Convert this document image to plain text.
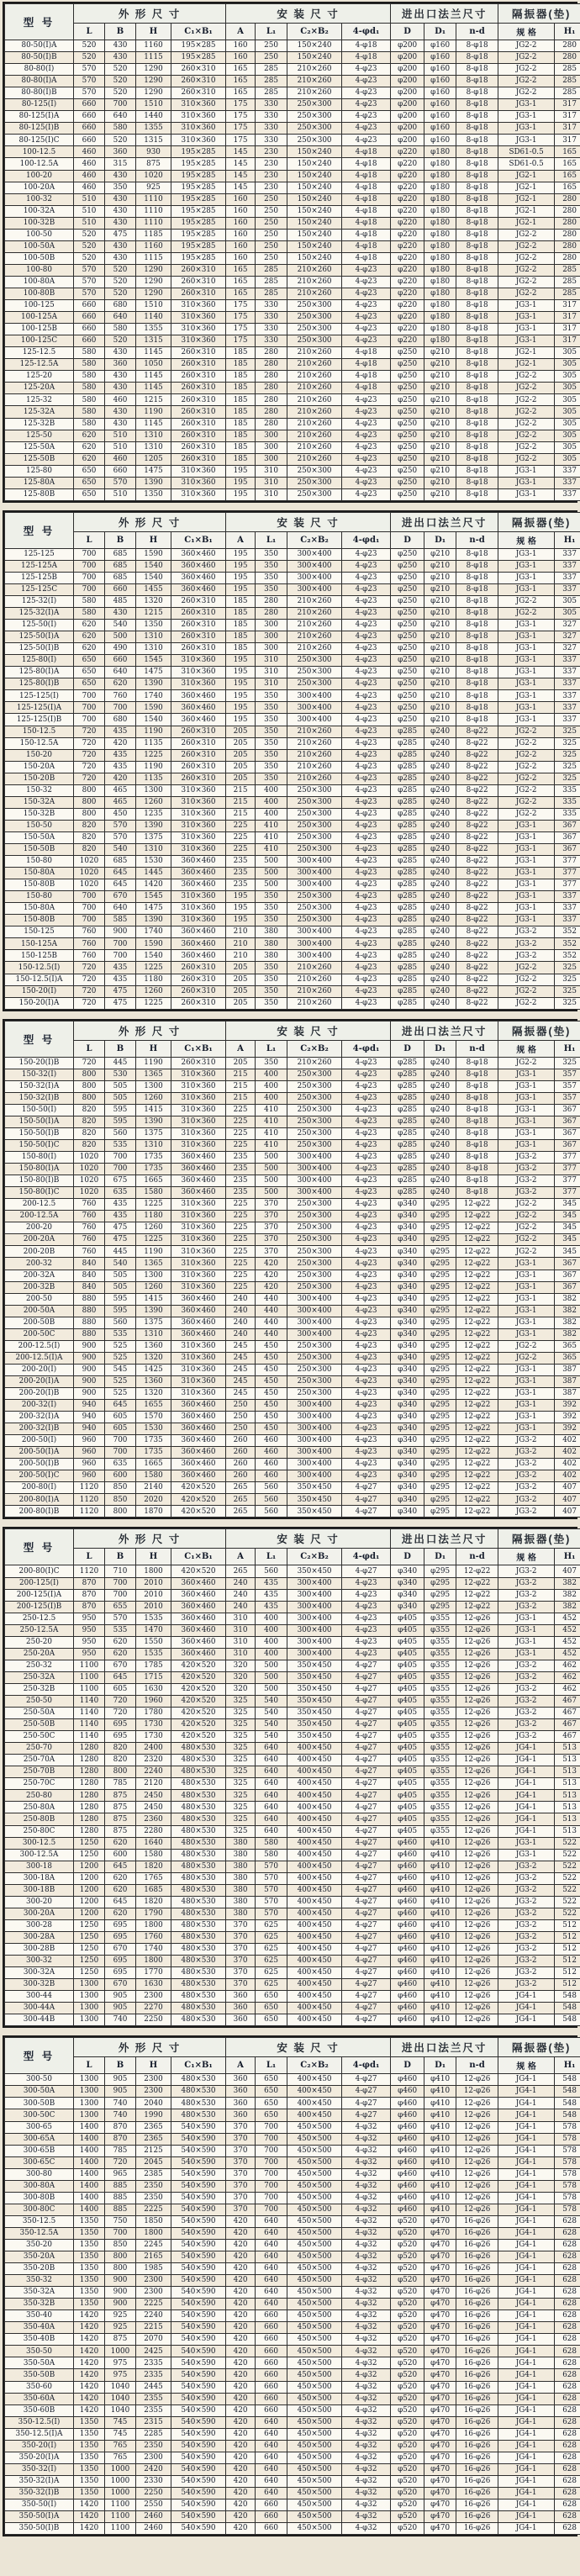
型 号	外 形 尺 寸				安 装 尺 寸				进出口法兰尺寸			隔振器(垫)	
	L	B	H	C₁×B₁	A	L₁	C₂×B₂	4-φd₁	D	D₁	n-d	规 格	H₁
80-50(I)A	520	430	1160	195×285	160	250	150×240	4-φ18	φ200	φ160	8-φ18	JG2-2	280
80-50(I)B	520	430	1115	195×285	160	250	150×240	4-φ18	φ200	φ160	8-φ18	JG2-2	280
80-80(I)	570	520	1290	260×310	165	285	210×260	4-φ23	φ200	φ160	8-φ18	JG2-2	285
80-80(I)A	570	520	1290	260×310	165	285	210×260	4-φ23	φ200	φ160	8-φ18	JG2-2	285
80-80(I)B	570	520	1290	260×310	165	285	210×260	4-φ23	φ200	φ160	8-φ18	JG2-2	285
80-125(I)	660	700	1510	310×360	175	330	250×300	4-φ23	φ200	φ160	8-φ18	JG3-1	317
80-125(I)A	660	640	1440	310×360	175	330	250×300	4-φ23	φ200	φ160	8-φ18	JG3-1	317
80-125(I)B	660	580	1355	310×360	175	330	250×300	4-φ23	φ200	φ160	8-φ18	JG3-1	317
80-125(I)C	660	520	1315	310×360	175	330	250×300	4-φ23	φ200	φ160	8-φ18	JG3-1	317
100-12.5	460	360	930	195×285	145	230	150×240	4-φ18	φ220	φ180	8-φ18	SD61-0.5	165
100-12.5A	460	315	875	195×285	145	230	150×240	4-φ18	φ220	φ180	8-φ18	SD61-0.5	165
100-20	460	430	1020	195×285	145	230	150×240	4-φ18	φ220	φ180	8-φ18	JG2-1	165
100-20A	460	350	925	195×285	145	230	150×240	4-φ18	φ220	φ180	8-φ18	JG2-1	165
100-32	510	430	1110	195×285	160	250	150×240	4-φ18	φ220	φ180	8-φ18	JG2-1	280
100-32A	510	430	1110	195×285	160	250	150×240	4-φ18	φ220	φ180	8-φ18	JG2-1	280
100-32B	510	430	1110	195×285	160	250	150×240	4-φ18	φ220	φ180	8-φ18	JG2-1	280
100-50	520	475	1185	195×285	160	250	150×240	4-φ18	φ220	φ180	8-φ18	JG2-2	280
100-50A	520	430	1160	195×285	160	250	150×240	4-φ18	φ220	φ180	8-φ18	JG2-2	280
100-50B	520	430	1115	195×285	160	250	150×240	4-φ18	φ220	φ180	8-φ18	JG2-2	280
100-80	570	520	1290	260×310	165	285	210×260	4-φ23	φ220	φ180	8-φ18	JG2-2	285
100-80A	570	520	1290	260×310	165	285	210×260	4-φ23	φ220	φ180	8-φ18	JG2-2	285
100-80B	570	520	1290	260×310	165	285	210×260	4-φ23	φ220	φ180	8-φ18	JG2-2	285
100-125	660	680	1510	310×360	175	330	250×300	4-φ23	φ220	φ180	8-φ18	JG3-1	317
100-125A	660	640	1140	310×360	175	330	250×300	4-φ23	φ220	φ180	8-φ18	JG3-1	317
100-125B	660	580	1355	310×360	175	330	250×300	4-φ23	φ220	φ180	8-φ18	JG3-1	317
100-125C	660	520	1315	310×360	175	330	250×300	4-φ23	φ220	φ180	8-φ18	JG3-1	317
125-12.5	580	430	1145	260×310	185	280	210×260	4-φ18	φ250	φ210	8-φ18	JG2-1	305
125-12.5A	580	360	1050	260×310	185	280	210×260	4-φ18	φ250	φ210	8-φ18	JG2-1	305
125-20	580	430	1145	260×310	185	280	210×260	4-φ18	φ250	φ210	8-φ18	JG2-2	305
125-20A	580	430	1145	260×310	185	280	210×260	4-φ18	φ250	φ210	8-φ18	JG2-2	305
125-32	580	460	1215	260×310	185	280	210×260	4-φ23	φ250	φ210	8-φ18	JG2-2	305
125-32A	580	430	1190	260×310	185	280	210×260	4-φ23	φ250	φ210	8-φ18	JG2-2	305
125-32B	580	430	1145	260×310	185	280	210×260	4-φ23	φ250	φ210	8-φ18	JG2-2	305
125-50	620	510	1310	260×310	185	300	210×260	4-φ23	φ250	φ210	8-φ18	JG2-2	305
125-50A	620	510	1310	260×310	185	300	210×260	4-φ23	φ250	φ210	8-φ18	JG2-2	305
125-50B	620	460	1205	260×310	185	300	210×260	4-φ23	φ250	φ210	8-φ18	JG2-2	305
125-80	650	660	1475	310×360	195	310	250×300	4-φ23	φ250	φ210	8-φ18	JG3-1	337
125-80A	650	570	1390	310×360	195	310	250×300	4-φ23	φ250	φ210	8-φ18	JG3-1	337
125-80B	650	510	1350	310×360	195	310	250×300	4-φ23	φ250	φ210	8-φ18	JG3-1	337
型 号	外 形 尺 寸				安 装 尺 寸				进出口法兰尺寸			隔振器(垫)	
	L	B	H	C₁×B₁	A	L₁	C₂×B₂	4-φd₁	D	D₁	n-d	规 格	H₁
125-125	700	685	1590	360×460	195	350	300×400	4-φ23	φ250	φ210	8-φ18	JG3-1	337
125-125A	700	685	1540	360×460	195	350	300×400	4-φ23	φ250	φ210	8-φ18	JG3-1	337
125-125B	700	685	1540	360×460	195	350	300×400	4-φ23	φ250	φ210	8-φ18	JG3-1	337
125-125C	700	660	1455	360×460	195	350	300×400	4-φ23	φ250	φ210	8-φ18	JG3-1	337
125-32(I)	580	485	1320	260×310	185	280	210×260	4-φ23	φ250	φ210	8-φ18	JG2-2	305
125-32(I)A	580	430	1215	260×310	185	280	210×260	4-φ23	φ250	φ210	8-φ18	JG2-2	305
125-50(I)	620	540	1350	260×310	185	300	210×260	4-φ23	φ250	φ210	8-φ18	JG3-1	327
125-50(I)A	620	500	1310	260×310	185	300	210×260	4-φ23	φ250	φ210	8-φ18	JG3-1	327
125-50(I)B	620	490	1310	260×310	185	300	210×260	4-φ23	φ250	φ210	8-φ18	JG3-1	327
125-80(I)	650	660	1545	310×360	195	310	250×300	4-φ23	φ250	φ210	8-φ18	JG3-1	337
125-80(I)A	650	640	1475	310×360	195	310	250×300	4-φ23	φ250	φ210	8-φ18	JG3-1	337
125-80(I)B	650	620	1390	310×360	195	310	250×300	4-φ23	φ250	φ210	8-φ18	JG3-1	337
125-125(I)	700	760	1740	360×460	195	350	300×400	4-φ23	φ250	φ210	8-φ18	JG3-1	337
125-125(I)A	700	700	1590	360×460	195	350	300×400	4-φ23	φ250	φ210	8-φ18	JG3-1	337
125-125(I)B	700	680	1540	360×460	195	350	300×400	4-φ23	φ250	φ210	8-φ18	JG3-1	337
150-12.5	720	435	1190	260×310	205	350	210×260	4-φ23	φ285	φ240	8-φ22	JG2-2	325
150-12.5A	720	420	1135	260×310	205	350	210×260	4-φ23	φ285	φ240	8-φ22	JG2-2	325
150-20	720	435	1225	260×310	205	350	210×260	4-φ23	φ285	φ240	8-φ22	JG2-2	325
150-20A	720	435	1190	260×310	205	350	210×260	4-φ23	φ285	φ240	8-φ22	JG2-2	325
150-20B	720	420	1135	260×310	205	350	210×260	4-φ23	φ285	φ240	8-φ22	JG2-2	325
150-32	800	465	1300	310×360	215	400	250×300	4-φ23	φ285	φ240	8-φ22	JG2-2	335
150-32A	800	465	1260	310×360	215	400	250×300	4-φ23	φ285	φ240	8-φ22	JG2-2	335
150-32B	800	450	1235	310×360	215	400	250×300	4-φ23	φ285	φ240	8-φ22	JG2-2	335
150-50	820	570	1390	310×360	225	410	250×300	4-φ23	φ285	φ240	8-φ22	JG3-1	367
150-50A	820	570	1375	310×360	225	410	250×300	4-φ23	φ285	φ240	8-φ22	JG3-1	367
150-50B	820	540	1310	310×360	225	410	250×300	4-φ23	φ285	φ240	8-φ22	JG3-1	367
150-80	1020	685	1530	360×460	235	500	300×400	4-φ23	φ285	φ240	8-φ22	JG3-1	377
150-80A	1020	645	1445	360×460	235	500	300×400	4-φ23	φ285	φ240	8-φ22	JG3-1	377
150-80B	1020	645	1420	360×460	235	500	300×400	4-φ23	φ285	φ240	8-φ22	JG3-1	377
150-80	700	670	1545	310×360	195	350	250×300	4-φ23	φ285	φ240	8-φ22	JG3-1	337
150-80A	700	640	1475	310×360	195	350	250×300	4-φ23	φ285	φ240	8-φ22	JG3-1	337
150-80B	700	585	1390	310×360	195	350	250×300	4-φ23	φ285	φ240	8-φ22	JG3-1	337
150-125	760	900	1740	360×460	210	380	300×400	4-φ23	φ285	φ240	8-φ22	JG3-2	352
150-125A	760	700	1590	360×460	210	380	300×400	4-φ23	φ285	φ240	8-φ22	JG3-2	352
150-125B	760	700	1540	360×460	210	380	300×400	4-φ23	φ285	φ240	8-φ22	JG3-2	352
150-12.5(I)	720	435	1225	260×310	205	350	210×260	4-φ23	φ285	φ240	8-φ22	JG2-2	325
150-12.5(I)A	720	435	1180	260×310	205	350	210×260	4-φ23	φ285	φ240	8-φ22	JG2-2	325
150-20(I)	720	475	1260	260×310	205	350	210×260	4-φ23	φ285	φ240	8-φ22	JG2-2	325
150-20(I)A	720	475	1225	260×310	205	350	210×260	4-φ23	φ285	φ240	8-φ22	JG2-2	325
型 号	外 形 尺 寸				安 装 尺 寸				进出口法兰尺寸			隔振器(垫)	
	L	B	H	C₁×B₁	A	L₁	C₂×B₂	4-φd₁	D	D₁	n-d	规 格	H₁
150-20(I)B	720	445	1190	260×310	205	350	210×260	4-φ23	φ285	φ240	8-φ18	JG2-2	325
150-32(I)	800	530	1365	310×360	215	400	250×300	4-φ23	φ285	φ240	8-φ18	JG3-1	357
150-32(I)A	800	505	1300	310×360	215	400	250×300	4-φ23	φ285	φ240	8-φ18	JG3-1	357
150-32(I)B	800	505	1260	310×360	215	400	250×300	4-φ23	φ285	φ240	8-φ18	JG3-1	357
150-50(I)	820	595	1415	310×360	225	410	250×300	4-φ23	φ285	φ240	8-φ18	JG3-1	367
150-50(I)A	820	595	1390	310×360	225	410	250×300	4-φ23	φ285	φ240	8-φ18	JG3-1	367
150-50(I)B	820	560	1375	310×360	225	410	250×300	4-φ23	φ285	φ240	8-φ18	JG3-1	367
150-50(I)C	820	535	1310	310×360	225	410	250×300	4-φ23	φ285	φ240	8-φ18	JG3-1	367
150-80(I)	1020	700	1735	360×460	235	500	300×400	4-φ23	φ285	φ240	8-φ18	JG3-2	377
150-80(I)A	1020	700	1735	360×460	235	500	300×400	4-φ23	φ285	φ240	8-φ18	JG3-2	377
150-80(I)B	1020	675	1665	360×460	235	500	300×400	4-φ23	φ285	φ240	8-φ18	JG3-2	377
150-80(I)C	1020	635	1580	360×460	235	500	300×400	4-φ23	φ285	φ240	8-φ18	JG3-2	377
200-12.5	760	435	1225	310×360	225	370	250×300	4-φ23	φ340	φ295	12-φ22	JG2-2	345
200-12.5A	760	435	1180	310×360	225	370	250×300	4-φ23	φ340	φ295	12-φ22	JG2-2	345
200-20	760	475	1260	310×360	225	370	250×300	4-φ23	φ340	φ295	12-φ22	JG2-2	345
200-20A	760	475	1225	310×360	225	370	250×300	4-φ23	φ340	φ295	12-φ22	JG2-2	345
200-20B	760	445	1190	310×360	225	370	250×300	4-φ23	φ340	φ295	12-φ22	JG2-2	345
200-32	840	540	1365	310×360	225	420	250×300	4-φ23	φ340	φ295	12-φ22	JG3-1	367
200-32A	840	505	1300	310×360	225	420	250×300	4-φ23	φ340	φ295	12-φ22	JG3-1	367
200-32B	840	505	1260	310×360	225	420	250×300	4-φ23	φ340	φ295	12-φ22	JG3-1	367
200-50	880	595	1415	360×460	240	440	300×400	4-φ23	φ340	φ295	12-φ22	JG3-1	382
200-50A	880	595	1390	360×460	240	440	300×400	4-φ23	φ340	φ295	12-φ22	JG3-1	382
200-50B	880	560	1375	360×460	240	440	300×400	4-φ23	φ340	φ295	12-φ22	JG3-1	382
200-50C	880	535	1310	360×460	240	440	300×400	4-φ23	φ340	φ295	12-φ22	JG3-1	382
200-12.5(I)	900	525	1360	310×360	245	450	250×300	4-φ23	φ340	φ295	12-φ22	JG2-2	365
200-12.5(I)A	900	525	1320	310×360	245	450	250×300	4-φ23	φ340	φ295	12-φ22	JG2-2	365
200-20(I)	900	545	1425	310×360	245	450	250×300	4-φ23	φ340	φ295	12-φ22	JG3-1	387
200-20(I)A	900	525	1360	310×360	245	450	250×300	4-φ23	φ340	φ295	12-φ22	JG3-1	387
200-20(I)B	900	525	1320	310×360	245	450	250×300	4-φ23	φ340	φ295	12-φ22	JG3-1	387
200-32(I)	940	645	1655	360×460	250	450	300×400	4-φ23	φ340	φ295	12-φ22	JG3-1	392
200-32(I)A	940	605	1570	360×460	250	450	300×400	4-φ23	φ340	φ295	12-φ22	JG3-1	392
200-32(I)B	940	605	1530	360×460	250	450	300×400	4-φ23	φ340	φ295	12-φ22	JG3-1	392
200-50(I)	960	700	1735	360×460	260	460	300×400	4-φ23	φ340	φ295	12-φ22	JG3-2	402
200-50(I)A	960	700	1735	360×460	260	460	300×400	4-φ23	φ340	φ295	12-φ22	JG3-2	402
200-50(I)B	960	635	1665	360×460	260	460	300×400	4-φ23	φ340	φ295	12-φ22	JG3-2	402
200-50(I)C	960	600	1580	360×460	260	460	300×400	4-φ23	φ340	φ295	12-φ22	JG3-2	402
200-80(I)	1120	850	2140	420×520	265	560	350×450	4-φ27	φ340	φ295	12-φ22	JG3-2	407
200-80(I)A	1120	850	2020	420×520	265	560	350×450	4-φ27	φ340	φ295	12-φ22	JG3-2	407
200-80(I)B	1120	800	1870	420×520	265	560	350×450	4-φ27	φ340	φ295	12-φ22	JG3-2	407
型 号	外 形 尺 寸				安 装 尺 寸				进出口法兰尺寸			隔振器(垫)	
	L	B	H	C₁×B₁	A	L₁	C₂×B₂	4-φd₁	D	D₁	n-d	规 格	H₁
200-80(I)C	1120	710	1800	420×520	265	560	350×450	4-φ27	φ340	φ295	12-φ22	JG3-2	407
200-125(I)	870	700	2010	360×460	240	435	300×400	4-φ23	φ340	φ295	12-φ22	JG3-2	382
200-125(I)A	870	700	2010	360×460	240	435	300×400	4-φ23	φ340	φ295	12-φ22	JG3-2	382
200-125(I)B	870	655	2010	360×460	240	435	300×400	4-φ23	φ340	φ295	12-φ22	JG3-2	382
250-12.5	950	570	1535	360×460	310	400	300×400	4-φ23	φ405	φ355	12-φ26	JG3-1	452
250-12.5A	950	535	1470	360×460	310	400	300×400	4-φ23	φ405	φ355	12-φ26	JG3-1	452
250-20	950	620	1550	360×460	310	400	300×400	4-φ23	φ405	φ355	12-φ26	JG3-1	452
250-20A	950	620	1535	360×460	310	400	300×400	4-φ23	φ405	φ355	12-φ26	JG3-1	452
250-32	1100	670	1785	420×520	320	500	350×450	4-φ27	φ405	φ355	12-φ26	JG3-2	462
250-32A	1100	645	1715	420×520	320	500	350×450	4-φ27	φ405	φ355	12-φ26	JG3-2	462
250-32B	1100	605	1630	420×520	320	500	350×450	4-φ27	φ405	φ355	12-φ26	JG3-2	462
250-50	1140	720	1960	420×520	325	540	350×450	4-φ27	φ405	φ355	12-φ26	JG3-2	467
250-50A	1140	720	1780	420×520	325	540	350×450	4-φ27	φ405	φ355	12-φ26	JG3-2	467
250-50B	1140	695	1730	420×520	325	540	350×450	4-φ27	φ405	φ355	12-φ26	JG3-2	467
250-50C	1140	695	1730	420×520	325	540	350×450	4-φ27	φ405	φ355	12-φ26	JG3-2	467
250-70	1280	820	2400	480×530	325	640	400×450	4-φ27	φ405	φ355	12-φ26	JG4-1	513
250-70A	1280	820	2320	480×530	325	640	400×450	4-φ27	φ405	φ355	12-φ26	JG4-1	513
250-70B	1280	800	2240	480×530	325	640	400×450	4-φ27	φ405	φ355	12-φ26	JG4-1	513
250-70C	1280	785	2120	480×530	325	640	400×450	4-φ27	φ405	φ355	12-φ26	JG4-1	513
250-80	1280	875	2450	480×530	325	640	400×450	4-φ27	φ405	φ355	12-φ26	JG4-1	513
250-80A	1280	875	2450	480×530	325	640	400×450	4-φ27	φ405	φ355	12-φ26	JG4-1	513
250-80B	1280	875	2360	480×530	325	640	400×450	4-φ27	φ405	φ355	12-φ26	JG4-1	513
250-80C	1280	875	2280	480×530	325	640	400×450	4-φ27	φ405	φ355	12-φ26	JG4-1	513
300-12.5	1250	620	1640	480×530	380	580	400×450	4-φ27	φ460	φ410	12-φ26	JG3-1	522
300-12.5A	1250	600	1580	480×530	380	580	400×450	4-φ27	φ460	φ410	12-φ26	JG3-1	522
300-18	1200	645	1820	480×530	380	570	400×450	4-φ27	φ460	φ410	12-φ26	JG3-2	522
300-18A	1200	620	1765	480×530	380	570	400×450	4-φ27	φ460	φ410	12-φ26	JG3-2	522
300-18B	1200	620	1685	480×530	380	570	400×450	4-φ27	φ460	φ410	12-φ26	JG3-2	522
300-20	1200	645	1820	480×530	380	570	400×450	4-φ27	φ460	φ410	12-φ26	JG3-2	522
300-20A	1200	620	1790	480×530	380	570	400×450	4-φ27	φ460	φ410	12-φ26	JG3-2	522
300-28	1250	695	1800	480×530	370	625	400×450	4-φ27	φ460	φ410	12-φ26	JG3-2	512
300-28A	1250	695	1760	480×530	370	625	400×450	4-φ27	φ460	φ410	12-φ26	JG3-2	512
300-28B	1250	670	1740	480×530	370	625	400×450	4-φ27	φ460	φ410	12-φ26	JG3-2	512
300-32	1250	695	1800	480×530	370	625	400×450	4-φ27	φ460	φ410	12-φ26	JG3-2	512
300-32A	1250	695	1770	480×530	370	625	400×450	4-φ27	φ460	φ410	12-φ26	JG3-2	512
300-32B	1300	670	1630	480×530	370	625	400×450	4-φ27	φ460	φ410	12-φ26	JG3-2	512
300-44	1300	905	2300	480×530	360	650	400×450	4-φ27	φ460	φ410	12-φ26	JG4-1	548
300-44A	1300	905	2270	480×530	360	650	400×450	4-φ27	φ460	φ410	12-φ26	JG4-1	548
300-44B	1300	740	2250	480×530	360	650	400×450	4-φ27	φ460	φ410	12-φ26	JG4-1	548
型 号	外 形 尺 寸				安 装 尺 寸				进出口法兰尺寸			隔振器(垫)	
	L	B	H	C₁×B₁	A	L₁	C₂×B₂	4-φd₁	D	D₁	n-d	规 格	H₁
300-50	1300	905	2300	480×530	360	650	400×450	4-φ27	φ460	φ410	12-φ26	JG4-1	548
300-50A	1300	905	2300	480×530	360	650	400×450	4-φ27	φ460	φ410	12-φ26	JG4-1	548
300-50B	1300	740	2040	480×530	360	650	400×450	4-φ27	φ460	φ410	12-φ26	JG4-1	548
300-50C	1300	740	1990	480×530	360	650	400×450	4-φ27	φ460	φ410	12-φ26	JG4-1	548
300-65	1400	870	2365	540×590	370	700	450×500	4-φ32	φ460	φ410	12-φ26	JG4-1	578
300-65A	1400	870	2365	540×590	370	700	450×500	4-φ32	φ460	φ410	12-φ26	JG4-1	578
300-65B	1400	785	2125	540×590	370	700	450×500	4-φ32	φ460	φ410	12-φ26	JG4-1	578
300-65C	1400	720	2045	540×590	370	700	450×500	4-φ32	φ460	φ410	12-φ26	JG4-1	578
300-80	1400	965	2385	540×590	370	700	450×500	4-φ32	φ460	φ410	12-φ26	JG4-1	578
300-80A	1400	885	2350	540×590	370	700	450×500	4-φ32	φ460	φ410	12-φ26	JG4-1	578
300-80B	1400	885	2350	540×590	370	700	450×500	4-φ32	φ460	φ410	12-φ26	JG4-1	578
300-80C	1400	885	2225	540×590	370	700	450×500	4-φ32	φ460	φ410	12-φ26	JG4-1	578
350-12.5	1350	750	1850	540×590	420	640	450×500	4-φ32	φ520	φ470	16-φ26	JG4-1	628
350-12.5A	1350	700	1800	540×590	420	640	450×500	4-φ32	φ520	φ470	16-φ26	JG4-1	628
350-20	1350	850	2245	540×590	420	640	450×500	4-φ32	φ520	φ470	16-φ26	JG4-1	628
350-20A	1350	800	2165	540×590	420	640	450×500	4-φ32	φ520	φ470	16-φ26	JG4-1	628
350-20B	1350	800	1985	540×590	420	640	450×500	4-φ32	φ520	φ470	16-φ26	JG4-1	628
350-32	1350	900	2300	540×590	420	640	450×500	4-φ32	φ520	φ470	16-φ26	JG4-1	628
350-32A	1350	900	2300	540×590	420	640	450×500	4-φ32	φ520	φ470	16-φ26	JG4-1	628
350-32B	1350	900	2225	540×590	420	640	450×500	4-φ32	φ520	φ470	16-φ26	JG4-1	628
350-40	1420	925	2240	540×590	420	660	450×500	4-φ32	φ520	φ470	16-φ26	JG4-1	628
350-40A	1420	925	2215	540×590	420	660	450×500	4-φ32	φ520	φ470	16-φ26	JG4-1	628
350-40B	1420	875	2070	540×590	420	660	450×500	4-φ32	φ520	φ470	16-φ26	JG4-1	628
350-50	1420	1000	2425	540×590	420	660	450×500	4-φ32	φ520	φ470	16-φ26	JG4-1	628
350-50A	1420	975	2335	540×590	420	660	450×500	4-φ32	φ520	φ470	16-φ26	JG4-1	628
350-50B	1420	975	2335	540×590	420	660	450×500	4-φ32	φ520	φ470	16-φ26	JG4-1	628
350-60	1420	1040	2445	540×590	420	660	450×500	4-φ32	φ520	φ470	16-φ26	JG4-1	628
350-60A	1420	1040	2355	540×590	420	660	450×500	4-φ32	φ520	φ470	16-φ26	JG4-1	628
350-60B	1420	1040	2355	540×590	420	660	450×500	4-φ32	φ520	φ470	16-φ26	JG4-1	628
350-12.5(I)	1350	745	2315	540×590	420	640	450×500	4-φ32	φ520	φ470	16-φ26	JG4-1	628
350-12.5(I)A	1350	745	2285	540×590	420	640	450×500	4-φ32	φ520	φ470	16-φ26	JG4-1	628
350-20(I)	1350	765	2350	540×590	420	640	450×500	4-φ32	φ520	φ470	16-φ26	JG4-1	628
350-20(I)A	1350	765	2300	540×590	420	640	450×500	4-φ32	φ520	φ470	16-φ26	JG4-1	628
350-32(I)	1350	1000	2420	540×590	420	640	450×500	4-φ32	φ520	φ470	16-φ26	JG4-1	628
350-32(I)A	1350	1000	2330	540×590	420	640	450×500	4-φ32	φ520	φ470	16-φ26	JG4-1	628
350-32(I)B	1350	1000	2250	540×590	420	640	450×500	4-φ32	φ520	φ470	16-φ26	JG4-1	628
350-50(I)	1420	1100	2550	540×590	420	660	450×500	4-φ32	φ520	φ470	16-φ26	JG4-1	628
350-50(I)A	1420	1100	2460	540×590	420	660	450×500	4-φ32	φ520	φ470	16-φ26	JG4-1	628
350-50(I)B	1420	1100	2460	540×590	420	660	450×500	4-φ32	φ520	φ470	16-φ26	JG4-1	628
